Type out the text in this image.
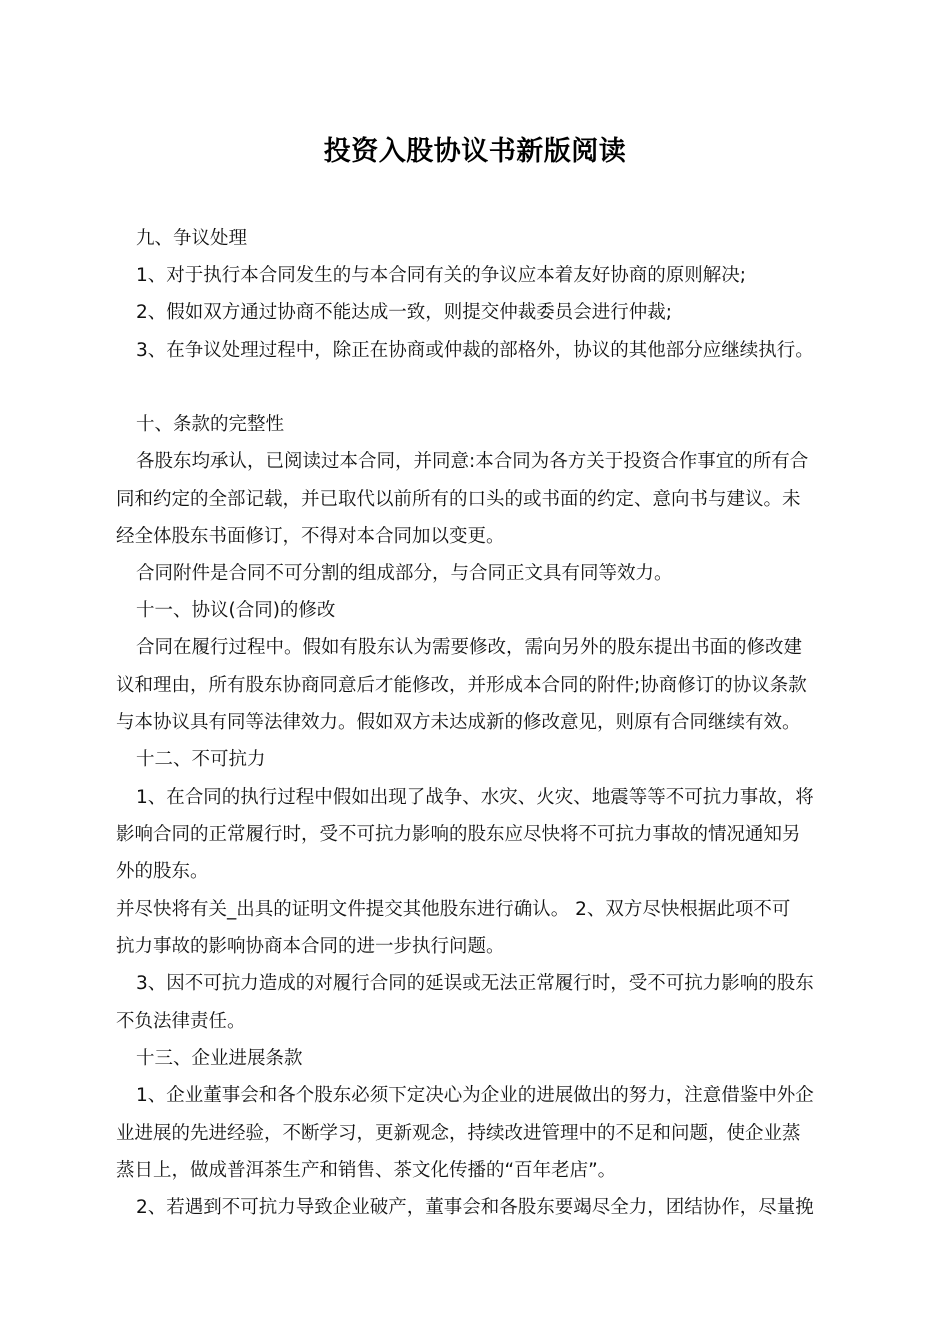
投资入股协议书新版阅读
九、争议处理
1、对于执行本合同发生的与本合同有关的争议应本着友好协商的原则解决;
2、假如双方通过协商不能达成一致，则提交仲裁委员会进行仲裁;
3、在争议处理过程中，除正在协商或仲裁的部格外，协议的其他部分应继续执行。
十、条款的完整性
各股东均承认，已阅读过本合同，并同意:本合同为各方关于投资合作事宜的所有合
同和约定的全部记载，并已取代以前所有的口头的或书面的约定、意向书与建议。未
经全体股东书面修订，不得对本合同加以变更。
合同附件是合同不可分割的组成部分，与合同正文具有同等效力。
十一、协议(合同)的修改
合同在履行过程中。假如有股东认为需要修改，需向另外的股东提出书面的修改建
议和理由，所有股东协商同意后才能修改，并形成本合同的附件;协商修订的协议条款
与本协议具有同等法律效力。假如双方未达成新的修改意见，则原有合同继续有效。
十二、不可抗力
1、在合同的执行过程中假如出现了战争、水灾、火灾、地震等等不可抗力事故，将
影响合同的正常履行时，受不可抗力影响的股东应尽快将不可抗力事故的情况通知另
外的股东。
并尽快将有关_出具的证明文件提交其他股东进行确认。 2、双方尽快根据此项不可
抗力事故的影响协商本合同的进一步执行问题。
3、因不可抗力造成的对履行合同的延误或无法正常履行时，受不可抗力影响的股东
不负法律责任。
十三、企业进展条款
1、企业董事会和各个股东必须下定决心为企业的进展做出的努力，注意借鉴中外企
业进展的先进经验，不断学习，更新观念，持续改进管理中的不足和问题，使企业蒸
蒸日上，做成普洱茶生产和销售、茶文化传播的“百年老店”。
2、若遇到不可抗力导致企业破产，董事会和各股东要竭尽全力，团结协作，尽量挽
